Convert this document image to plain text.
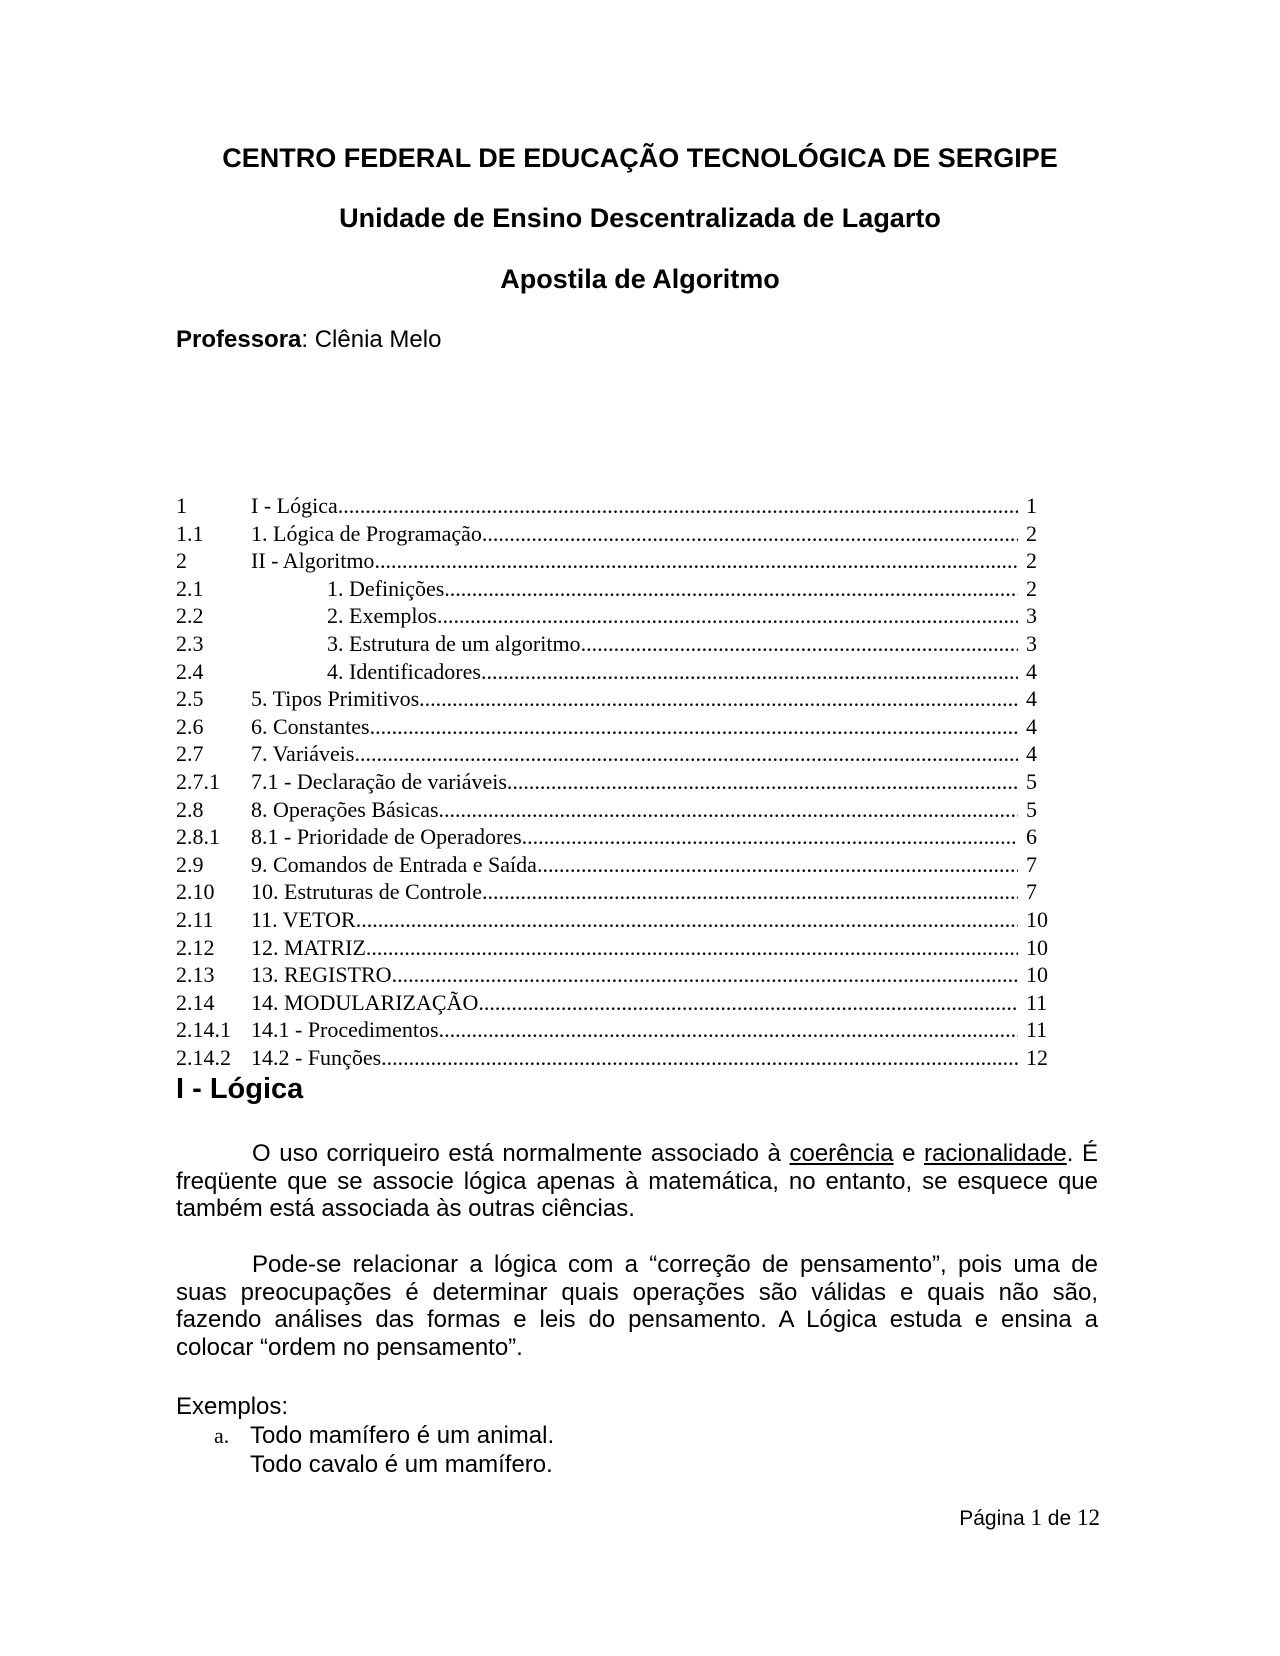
CENTRO FEDERAL DE EDUCAÇÃO TECNOLÓGICA DE SERGIPE
Unidade de Ensino Descentralizada de Lagarto
Apostila de Algoritmo
Professora: Clênia Melo
1	I - Lógica .....	1
1.1	1. Lógica de Programação .....	2
2	II - Algoritmo .....	2
2.1	1. Definições .....	2
2.2	2. Exemplos .....	3
2.3	3. Estrutura de um algoritmo .....	3
2.4	4. Identificadores .....	4
2.5	5. Tipos Primitivos .....	4
2.6	6. Constantes .....	4
2.7	7. Variáveis .....	4
2.7.1	7.1 - Declaração de variáveis .....	5
2.8	8. Operações Básicas .....	5
2.8.1	8.1 - Prioridade de Operadores .....	6
2.9	9. Comandos de Entrada e Saída .....	7
2.10	10. Estruturas de Controle .....	7
2.11	11. VETOR .....	10
2.12	12. MATRIZ .....	10
2.13	13. REGISTRO .....	10
2.14	14. MODULARIZAÇÃO .....	11
2.14.1 14.1 - Procedimentos .....	11
2.14.2 14.2 - Funções .....	12
I - Lógica
O uso corriqueiro está normalmente associado à coerência e racionalidade. É freqüente que se associe lógica apenas à matemática, no entanto, se esquece que também está associada às outras ciências.
Pode-se relacionar a lógica com a “correção de pensamento”, pois uma de suas preocupações é determinar quais operações são válidas e quais não são, fazendo análises das formas e leis do pensamento. A Lógica estuda e ensina a colocar “ordem no pensamento”.
Exemplos:
a. Todo mamífero é um animal.
Todo cavalo é um mamífero.
Página 1 de 12
